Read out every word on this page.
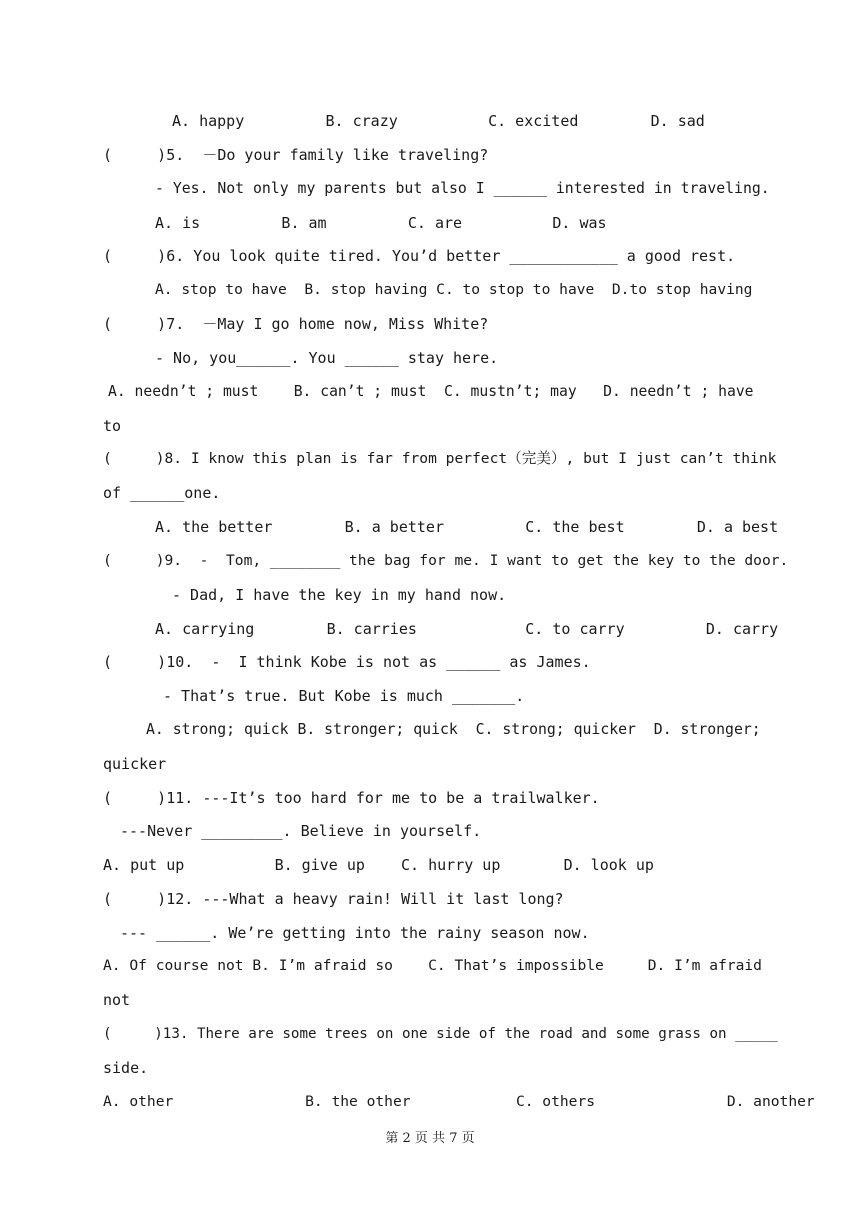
A. happy         B. crazy          C. excited        D. sad
(     )5.  －Do your family like traveling?
- Yes. Not only my parents but also I ______ interested in traveling.
A. is         B. am         C. are          D. was
(     )6. You look quite tired. You’d better ____________ a good rest.
A. stop to have  B. stop having C. to stop to have  D.to stop having
(     )7.  －May I go home now, Miss White?
- No, you______. You ______ stay here.
A. needn’t ; must    B. can’t ; must  C. mustn’t; may   D. needn’t ; have
to
(     )8. I know this plan is far from perfect（完美）, but I just can’t think
of ______one.
A. the better        B. a better         C. the best        D. a best
(     )9.  -  Tom, ________ the bag for me. I want to get the key to the door.
- Dad, I have the key in my hand now.
A. carrying        B. carries            C. to carry         D. carry
(     )10.  -  I think Kobe is not as ______ as James.
- That’s true. But Kobe is much _______.
A. strong; quick B. stronger; quick  C. strong; quicker  D. stronger;
quicker
(     )11. ---It’s too hard for me to be a trailwalker.
---Never _________. Believe in yourself.
A. put up          B. give up    C. hurry up       D. look up
(     )12. ---What a heavy rain! Will it last long?
--- ______. We’re getting into the rainy season now.
A. Of course not B. I’m afraid so    C. That’s impossible     D. I’m afraid
not
(     )13. There are some trees on one side of the road and some grass on _____
side.
A. other               B. the other            C. others               D. another
第 2 页 共 7 页
